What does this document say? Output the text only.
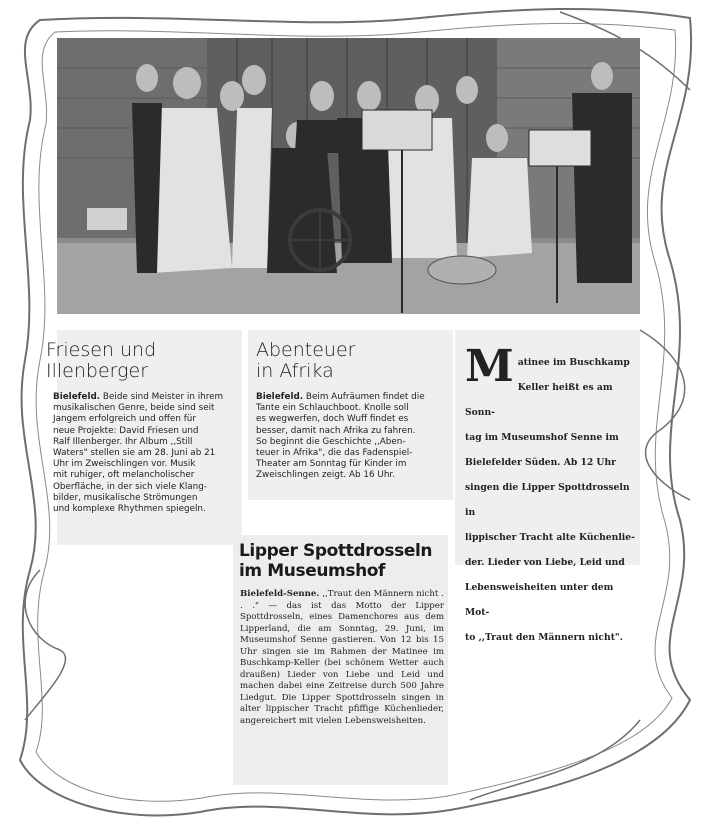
Friesen und
Illenberger
Bielefeld. Beide sind Meister in ihrem
musikalischen Genre, beide sind seit
Jangem erfolgreich und offen für
neue Projekte: David Friesen und
Ralf Illenberger. Ihr Album ,,Still
Waters" stellen sie am 28. Juni ab 21
Uhr im Zweischlingen vor. Musik
mit ruhiger, oft melancholischer
Oberfläche, in der sich viele Klang-
bilder, musikalische Strömungen
und komplexe Rhythmen spiegeln.
Abenteuer
in Afrika
Bielefeld. Beim Aufräumen findet die
Tante ein Schlauchboot. Knolle soll
es wegwerfen, doch Wuff findet es
besser, damit nach Afrika zu fahren.
So beginnt die Geschichte ,,Aben-
teuer in Afrika", die das Fadenspiel-
Theater am Sonntag für Kinder im
Zweischlingen zeigt. Ab 16 Uhr.
M atinee im Buschkamp
Keller heißt es am Sonn-
tag im Museumshof Senne im
Bielefelder Süden. Ab 12 Uhr
singen die Lipper Spottdrosseln in
lippischer Tracht alte Küchenlie-
der. Lieder von Liebe, Leid und
Lebensweisheiten unter dem Mot-
to ,,Traut den Männern nicht".
Lipper Spottdrosseln
im Museumshof
Bielefeld-Senne. ,,Traut den Männern nicht . . ." — das ist das Motto der Lipper Spottdrosseln, eines Damenchores aus dem Lipperland, die am Sonntag, 29. Juni, im Museumshof Senne gastieren. Von 12 bis 15 Uhr singen sie im Rahmen der Matinee im Buschkamp-Keller (bei schönem Wetter auch draußen) Lieder von Liebe und Leid und machen dabei eine Zeitreise durch 500 Jahre Liedgut. Die Lipper Spottdrosseln singen in alter lippischer Tracht pfiffige Küchenlieder, angereichert mit vielen Lebensweisheiten.
